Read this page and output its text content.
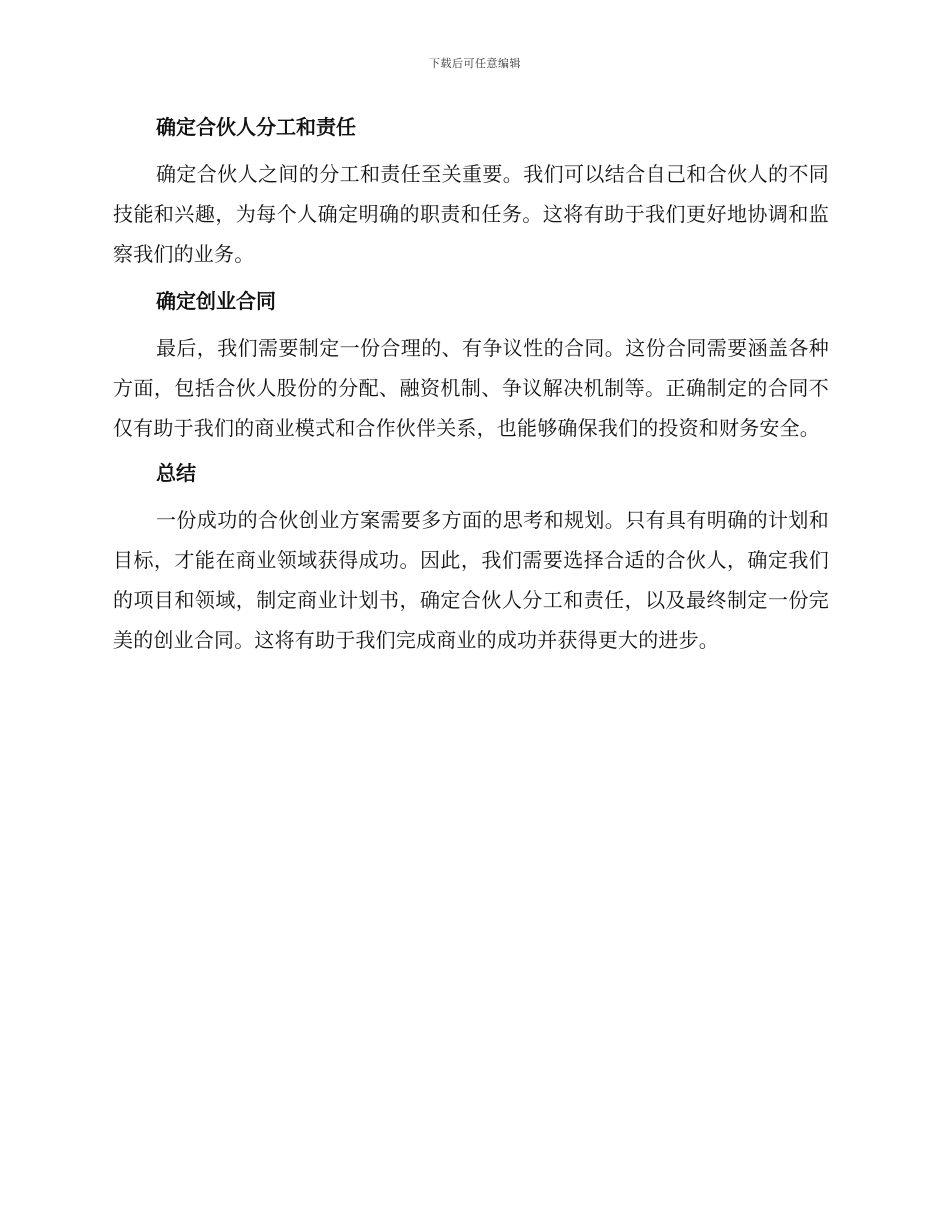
下载后可任意编辑
确定合伙人分工和责任

确定合伙人之间的分工和责任至关重要。我们可以结合自己和合伙人的不同技能和兴趣，为每个人确定明确的职责和任务。这将有助于我们更好地协调和监察我们的业务。

确定创业合同

最后，我们需要制定一份合理的、有争议性的合同。这份合同需要涵盖各种方面，包括合伙人股份的分配、融资机制、争议解决机制等。正确制定的合同不仅有助于我们的商业模式和合作伙伴关系，也能够确保我们的投资和财务安全。

总结

一份成功的合伙创业方案需要多方面的思考和规划。只有具有明确的计划和目标，才能在商业领域获得成功。因此，我们需要选择合适的合伙人，确定我们的项目和领域，制定商业计划书，确定合伙人分工和责任，以及最终制定一份完美的创业合同。这将有助于我们完成商业的成功并获得更大的进步。
